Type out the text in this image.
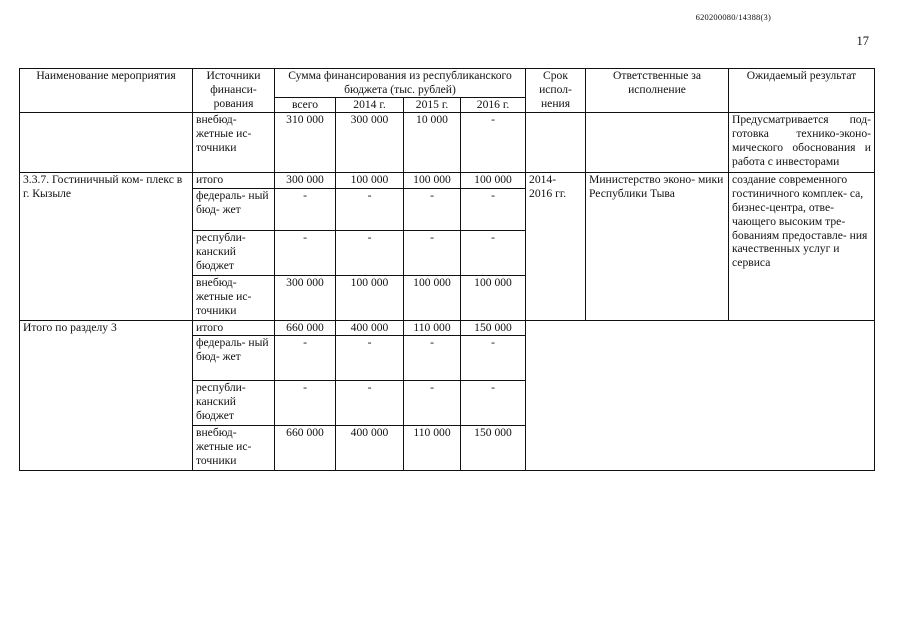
620200080/14388(3)
17
Наименование мероприятия	Источники финанси- рования	Сумма финансирования из республиканского бюджета (тыс. рублей)				Срок испол- нения	Ответственные за исполнение	Ожидаемый результат
		всего	2014 г.	2015 г.	2016 г.			
	внебюд- жетные ис- точники	310 000	300 000	10 000	-			Предусматривается под- готовка технико-эконо- мического обоснования и работа с инвесторами
3.3.7. Гостиничный ком- плекс в г. Кызыле	итого	300 000	100 000	100 000	100 000	2014- 2016 гг.	Министерство эконо- мики Республики Тыва	создание современного гостиничного комплек- са, бизнес-центра, отве- чающего высоким тре- бованиям предоставле- ния качественных услуг и сервиса
	федераль- ный бюд- жет	-	-	-	-			
	республи- канский бюджет	-	-	-	-			
	внебюд- жетные ис- точники	300 000	100 000	100 000	100 000			
Итого по разделу 3	итого	660 000	400 000	110 000	150 000			
	федераль- ный бюд- жет	-	-	-	-			
	республи- канский бюджет	-	-	-	-			
	внебюд- жетные ис- точники	660 000	400 000	110 000	150 000			
